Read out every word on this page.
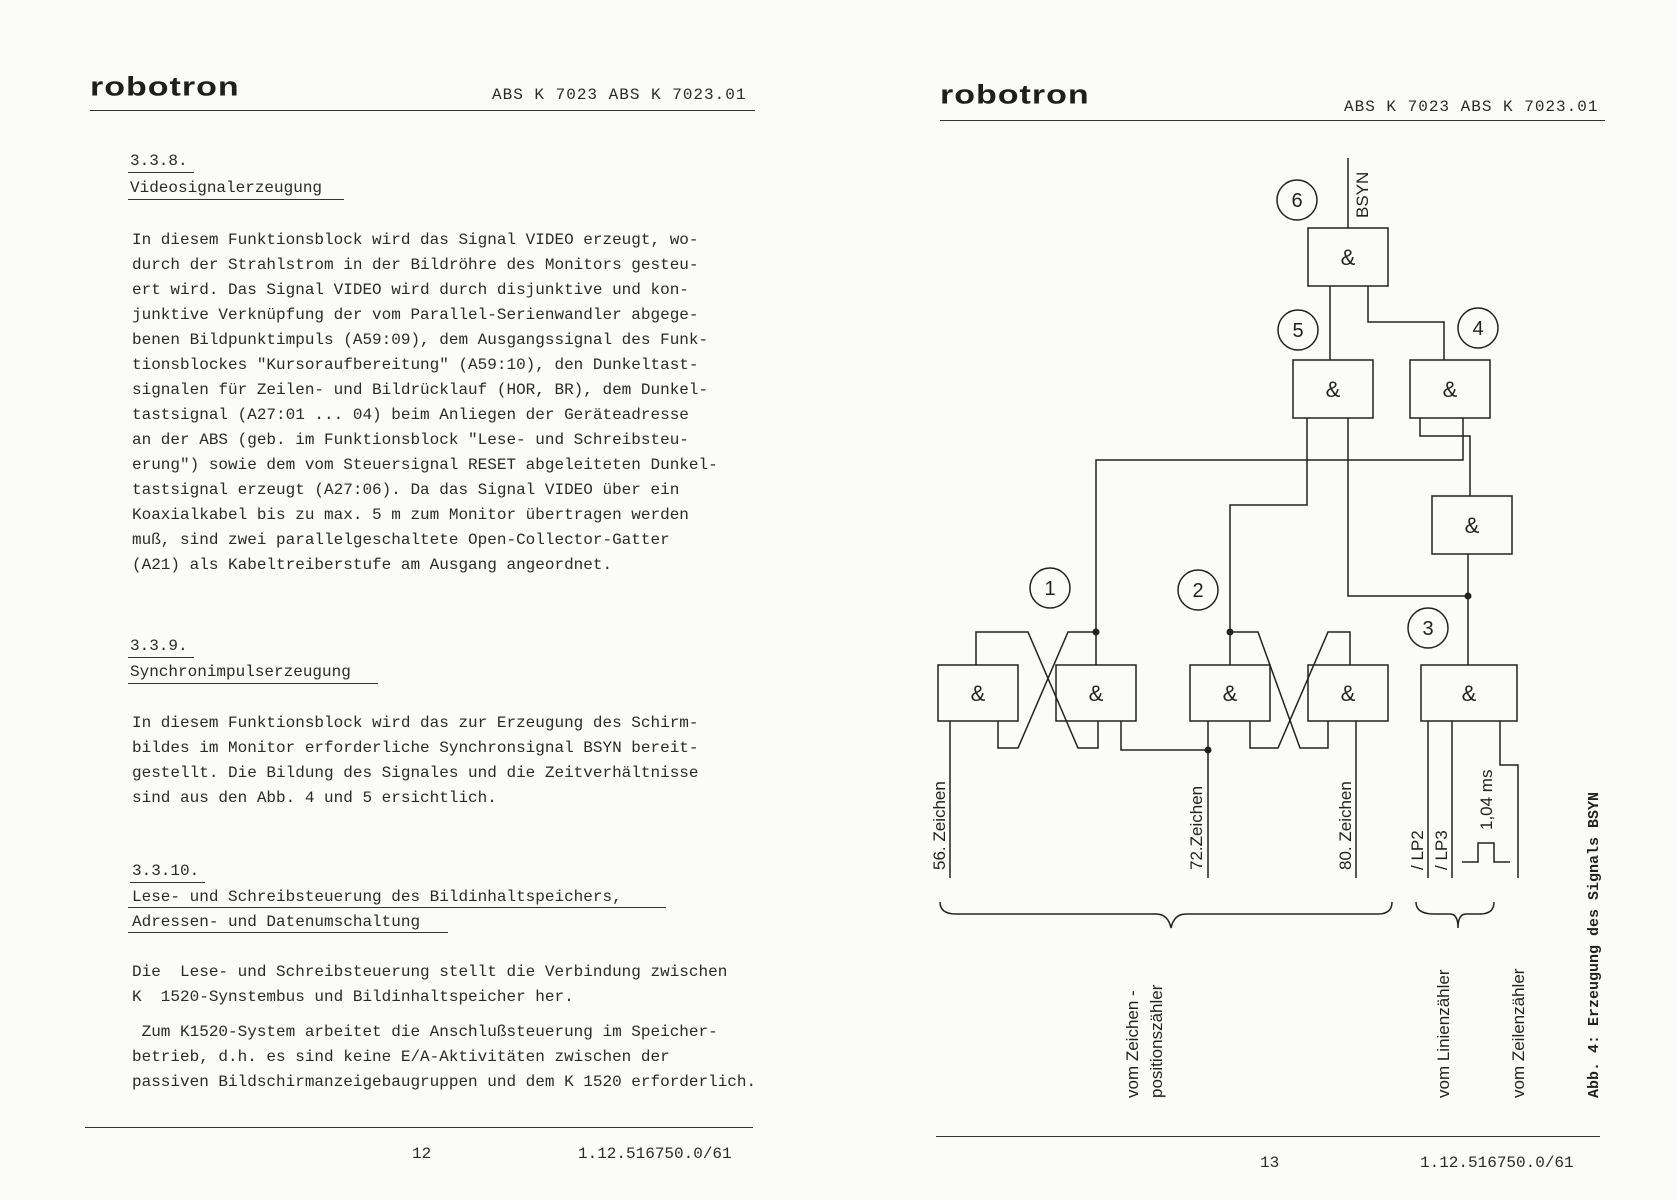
robotron	ABS K 7023 ABS K 7023.01
3.3.8.
Videosignalerzeugung
In diesem Funktionsblock wird das Signal VIDEO erzeugt, wo-
durch der Strahlstrom in der Bildröhre des Monitors gesteu-
ert wird. Das Signal VIDEO wird durch disjunktive und kon-
junktive Verknüpfung der vom Parallel-Serienwandler abgege-
benen Bildpunktimpuls (A59:09), dem Ausgangssignal des Funk-
tionsblockes "Kursoraufbereitung" (A59:10), den Dunkeltast-
signalen für Zeilen- und Bildrücklauf (HOR, BR), dem Dunkel-
tastsignal (A27:01 ... 04) beim Anliegen der Geräteadresse
an der ABS (geb. im Funktionsblock "Lese- und Schreibsteu-
erung") sowie dem vom Steuersignal RESET abgeleiteten Dunkel-
tastsignal erzeugt (A27:06). Da das Signal VIDEO über ein
Koaxialkabel bis zu max. 5 m zum Monitor übertragen werden
muß, sind zwei parallelgeschaltete Open-Collector-Gatter
(A21) als Kabeltreiberstufe am Ausgang angeordnet.
3.3.9.
Synchronimpulserzeugung
In diesem Funktionsblock wird das zur Erzeugung des Schirm-
bildes im Monitor erforderliche Synchronsignal BSYN bereit-
gestellt. Die Bildung des Signales und die Zeitverhältnisse
sind aus den Abb. 4 und 5 ersichtlich.
3.3.10.
Lese- und Schreibsteuerung des Bildinhaltspeichers,
Adressen- und Datenumschaltung
Die  Lese- und Schreibsteuerung stellt die Verbindung zwischen
K  1520-Synstembus und Bildinhaltspeicher her.
Zum K1520-System arbeitet die Anschlußsteuerung im Speicher-
betrieb, d.h. es sind keine E/A-Aktivitäten zwischen der
passiven Bildschirmanzeigebaugruppen und dem K 1520 erforderlich.
12	1.12.516750.0/61
robotron	ABS K 7023 ABS K 7023.01
&	&	&	&	&
&
&	&
&
1	2
3
4
5
6	BSYN
56. Zeichen	72.Zeichen	80. Zeichen	/ LP2 / LP3
1,04 ms
vom Zeichen - positionszähler	vom Linienzähler	vom Zeilenzähler	Abb. 4: Erzeugung des Signals BSYN
13	1.12.516750.0/61
